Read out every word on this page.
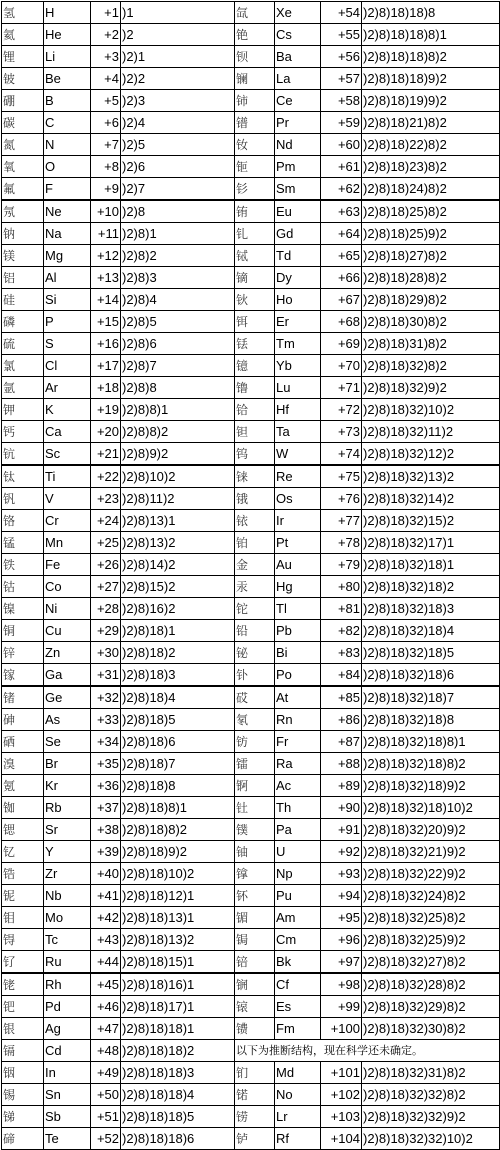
氢	H	+1	)1	氙	Xe	+54	)2)8)18)18)8
氦	He	+2	)2	铯	Cs	+55	)2)8)18)18)8)1
锂	Li	+3	)2)1	钡	Ba	+56	)2)8)18)18)8)2
铍	Be	+4	)2)2	镧	La	+57	)2)8)18)18)9)2
硼	B	+5	)2)3	铈	Ce	+58	)2)8)18)19)9)2
碳	C	+6	)2)4	镨	Pr	+59	)2)8)18)21)8)2
氮	N	+7	)2)5	钕	Nd	+60	)2)8)18)22)8)2
氧	O	+8	)2)6	钷	Pm	+61	)2)8)18)23)8)2
氟	F	+9	)2)7	钐	Sm	+62	)2)8)18)24)8)2
氖	Ne	+10	)2)8	铕	Eu	+63	)2)8)18)25)8)2
钠	Na	+11	)2)8)1	钆	Gd	+64	)2)8)18)25)9)2
镁	Mg	+12	)2)8)2	铽	Td	+65	)2)8)18)27)8)2
铝	Al	+13	)2)8)3	镝	Dy	+66	)2)8)18)28)8)2
硅	Si	+14	)2)8)4	钬	Ho	+67	)2)8)18)29)8)2
磷	P	+15	)2)8)5	铒	Er	+68	)2)8)18)30)8)2
硫	S	+16	)2)8)6	铥	Tm	+69	)2)8)18)31)8)2
氯	Cl	+17	)2)8)7	镱	Yb	+70	)2)8)18)32)8)2
氩	Ar	+18	)2)8)8	镥	Lu	+71	)2)8)18)32)9)2
钾	K	+19	)2)8)8)1	铪	Hf	+72	)2)8)18)32)10)2
钙	Ca	+20	)2)8)8)2	钽	Ta	+73	)2)8)18)32)11)2
钪	Sc	+21	)2)8)9)2	钨	W	+74	)2)8)18)32)12)2
钛	Ti	+22	)2)8)10)2	铼	Re	+75	)2)8)18)32)13)2
钒	V	+23	)2)8)11)2	锇	Os	+76	)2)8)18)32)14)2
铬	Cr	+24	)2)8)13)1	铱	Ir	+77	)2)8)18)32)15)2
锰	Mn	+25	)2)8)13)2	铂	Pt	+78	)2)8)18)32)17)1
铁	Fe	+26	)2)8)14)2	金	Au	+79	)2)8)18)32)18)1
钴	Co	+27	)2)8)15)2	汞	Hg	+80	)2)8)18)32)18)2
镍	Ni	+28	)2)8)16)2	铊	Tl	+81	)2)8)18)32)18)3
铜	Cu	+29	)2)8)18)1	铅	Pb	+82	)2)8)18)32)18)4
锌	Zn	+30	)2)8)18)2	铋	Bi	+83	)2)8)18)32)18)5
镓	Ga	+31	)2)8)18)3	钋	Po	+84	)2)8)18)32)18)6
锗	Ge	+32	)2)8)18)4	砹	At	+85	)2)8)18)32)18)7
砷	As	+33	)2)8)18)5	氡	Rn	+86	)2)8)18)32)18)8
硒	Se	+34	)2)8)18)6	钫	Fr	+87	)2)8)18)32)18)8)1
溴	Br	+35	)2)8)18)7	镭	Ra	+88	)2)8)18)32)18)8)2
氪	Kr	+36	)2)8)18)8	锕	Ac	+89	)2)8)18)32)18)9)2
铷	Rb	+37	)2)8)18)8)1	钍	Th	+90	)2)8)18)32)18)10)2
锶	Sr	+38	)2)8)18)8)2	镤	Pa	+91	)2)8)18)32)20)9)2
钇	Y	+39	)2)8)18)9)2	铀	U	+92	)2)8)18)32)21)9)2
锆	Zr	+40	)2)8)18)10)2	镎	Np	+93	)2)8)18)32)22)9)2
铌	Nb	+41	)2)8)18)12)1	钚	Pu	+94	)2)8)18)32)24)8)2
钼	Mo	+42	)2)8)18)13)1	镅	Am	+95	)2)8)18)32)25)8)2
锝	Tc	+43	)2)8)18)13)2	锔	Cm	+96	)2)8)18)32)25)9)2
钌	Ru	+44	)2)8)18)15)1	锫	Bk	+97	)2)8)18)32)27)8)2
铑	Rh	+45	)2)8)18)16)1	锎	Cf	+98	)2)8)18)32)28)8)2
钯	Pd	+46	)2)8)18)17)1	锿	Es	+99	)2)8)18)32)29)8)2
银	Ag	+47	)2)8)18)18)1	镄	Fm	+100	)2)8)18)32)30)8)2
镉	Cd	+48	)2)8)18)18)2	以下为推断结构，现在科学还未确定。			
铟	In	+49	)2)8)18)18)3	钔	Md	+101	)2)8)18)32)31)8)2
锡	Sn	+50	)2)8)18)18)4	锘	No	+102	)2)8)18)32)32)8)2
锑	Sb	+51	)2)8)18)18)5	铹	Lr	+103	)2)8)18)32)32)9)2
碲	Te	+52	)2)8)18)18)6	𬬻	Rf	+104	)2)8)18)32)32)10)2
